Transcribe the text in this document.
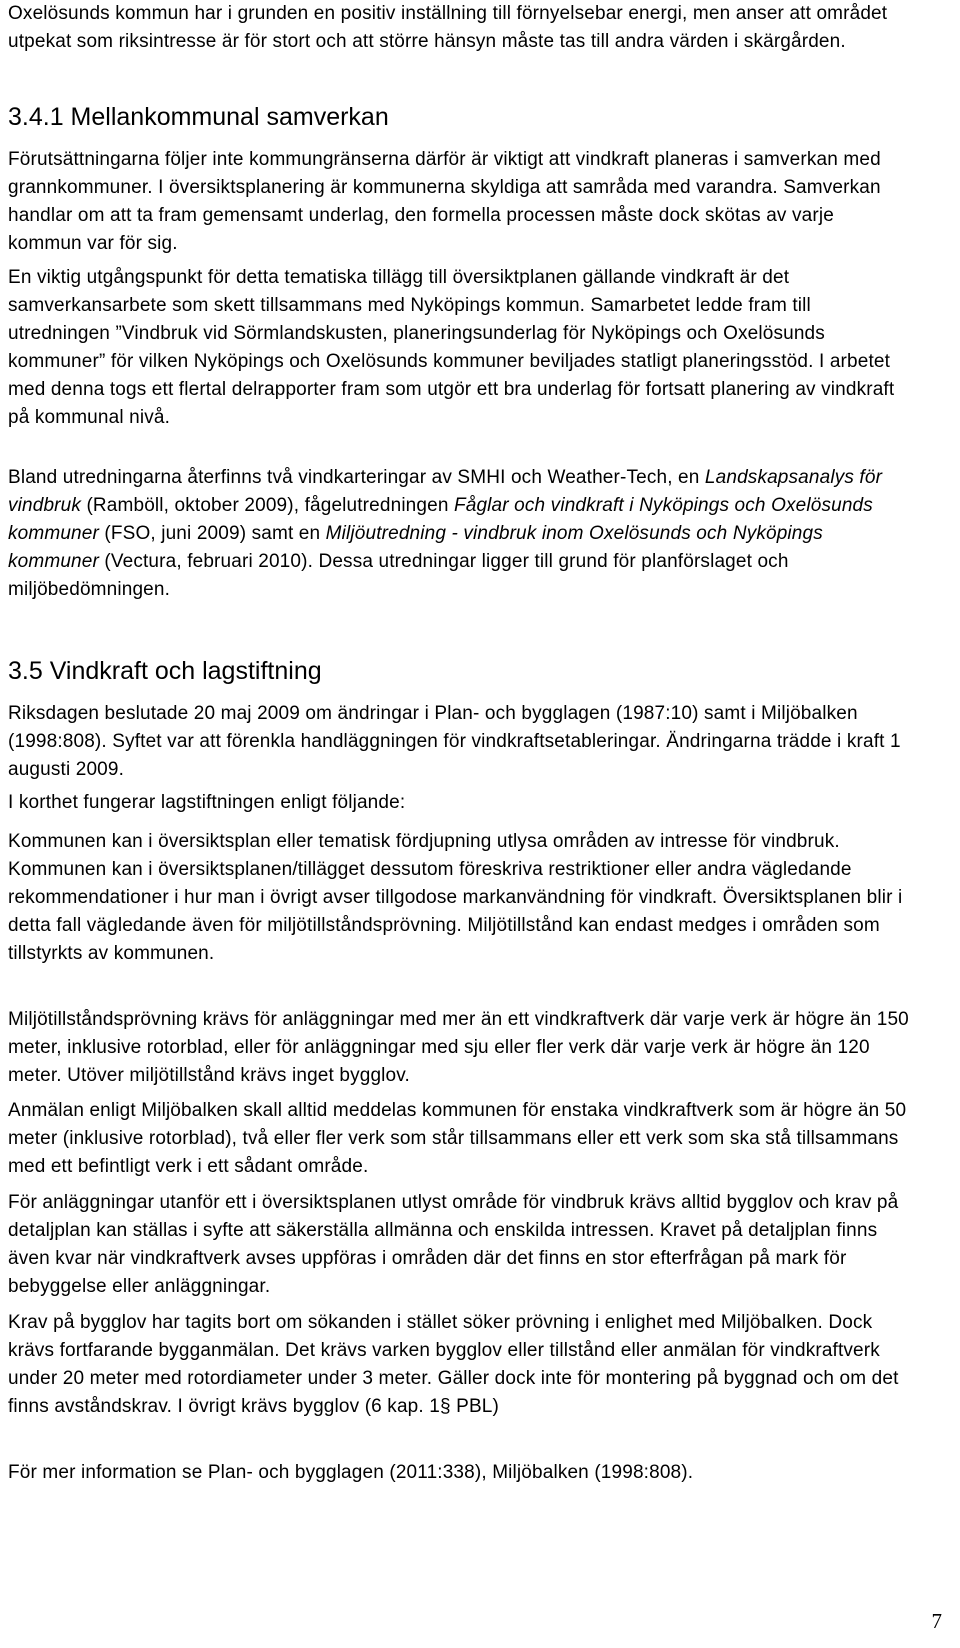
Oxelösunds kommun har i grunden en positiv inställning till förnyelsebar energi, men anser att området utpekat som riksintresse är för stort och att större hänsyn måste tas till andra värden i skärgården.

3.4.1 Mellankommunal samverkan

Förutsättningarna följer inte kommungränserna därför är viktigt att vindkraft planeras i samverkan med grannkommuner. I översiktsplanering är kommunerna skyldiga att samråda med varandra. Samverkan handlar om att ta fram gemensamt underlag, den formella processen måste dock skötas av varje kommun var för sig.

En viktig utgångspunkt för detta tematiska tillägg till översiktplanen gällande vindkraft är det samverkansarbete som skett tillsammans med Nyköpings kommun. Samarbetet ledde fram till utredningen ”Vindbruk vid Sörmlandskusten, planeringsunderlag för Nyköpings och Oxelösunds kommuner” för vilken Nyköpings och Oxelösunds kommuner beviljades statligt planeringsstöd. I arbetet med denna togs ett flertal delrapporter fram som utgör ett bra underlag för fortsatt planering av vindkraft på kommunal nivå.

Bland utredningarna återfinns två vindkarteringar av SMHI och Weather-Tech, en Landskapsanalys för vindbruk (Ramböll, oktober 2009), fågelutredningen Fåglar och vindkraft i Nyköpings och Oxelösunds kommuner (FSO, juni 2009) samt en Miljöutredning - vindbruk inom Oxelösunds och Nyköpings kommuner (Vectura, februari 2010). Dessa utredningar ligger till grund för planförslaget och miljöbedömningen.

3.5 Vindkraft och lagstiftning

Riksdagen beslutade 20 maj 2009 om ändringar i Plan- och bygglagen (1987:10) samt i Miljöbalken (1998:808). Syftet var att förenkla handläggningen för vindkraftsetableringar. Ändringarna trädde i kraft 1 augusti 2009.

I korthet fungerar lagstiftningen enligt följande:

Kommunen kan i översiktsplan eller tematisk fördjupning utlysa områden av intresse för vindbruk. Kommunen kan i översiktsplanen/tillägget dessutom föreskriva restriktioner eller andra vägledande rekommendationer i hur man i övrigt avser tillgodose markanvändning för vindkraft. Översiktsplanen blir i detta fall vägledande även för miljötillståndsprövning. Miljötillstånd kan endast medges i områden som tillstyrkts av kommunen.

Miljötillståndsprövning krävs för anläggningar med mer än ett vindkraftverk där varje verk är högre än 150 meter, inklusive rotorblad, eller för anläggningar med sju eller fler verk där varje verk är högre än 120 meter. Utöver miljötillstånd krävs inget bygglov.

Anmälan enligt Miljöbalken skall alltid meddelas kommunen för enstaka vindkraftverk som är högre än 50 meter (inklusive rotorblad), två eller fler verk som står tillsammans eller ett verk som ska stå tillsammans med ett befintligt verk i ett sådant område.

För anläggningar utanför ett i översiktsplanen utlyst område för vindbruk krävs alltid bygglov och krav på detaljplan kan ställas i syfte att säkerställa allmänna och enskilda intressen. Kravet på detaljplan finns även kvar när vindkraftverk avses uppföras i områden där det finns en stor efterfrågan på mark för bebyggelse eller anläggningar.

Krav på bygglov har tagits bort om sökanden i stället söker prövning i enlighet med Miljöbalken. Dock krävs fortfarande bygganmälan. Det krävs varken bygglov eller tillstånd eller anmälan för vindkraftverk under 20 meter med rotordiameter under 3 meter. Gäller dock inte för montering på byggnad och om det finns avståndskrav. I övrigt krävs bygglov (6 kap. 1§ PBL)

För mer information se Plan- och bygglagen (2011:338), Miljöbalken (1998:808).

7
